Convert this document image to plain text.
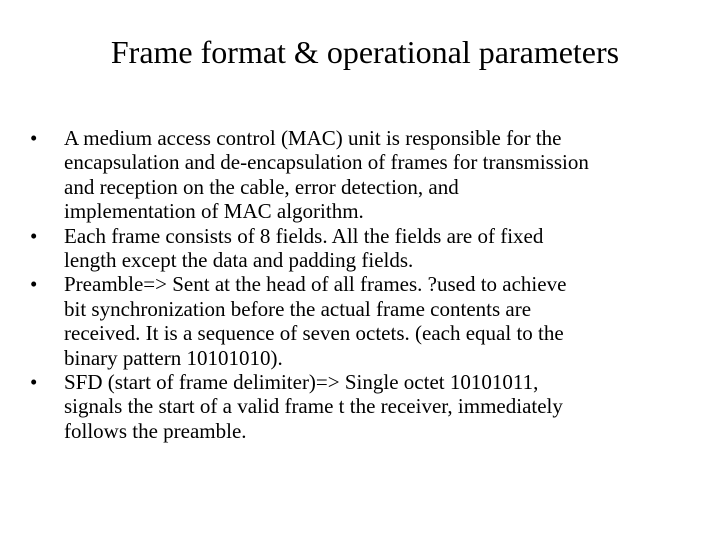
Frame format & operational parameters
• A medium access control (MAC) unit is responsible for the
encapsulation and de-encapsulation of frames for transmission
and reception on the cable, error detection, and
implementation of MAC algorithm.
• Each frame consists of 8 fields. All the fields are of fixed
length except the data and padding fields.
• Preamble=> Sent at the head of all frames. ?used to achieve
bit synchronization before the actual frame contents are
received. It is a sequence of seven octets. (each equal to the
binary pattern 10101010).
• SFD (start of frame delimiter)=> Single octet 10101011,
signals the start of a valid frame t the receiver, immediately
follows the preamble.
